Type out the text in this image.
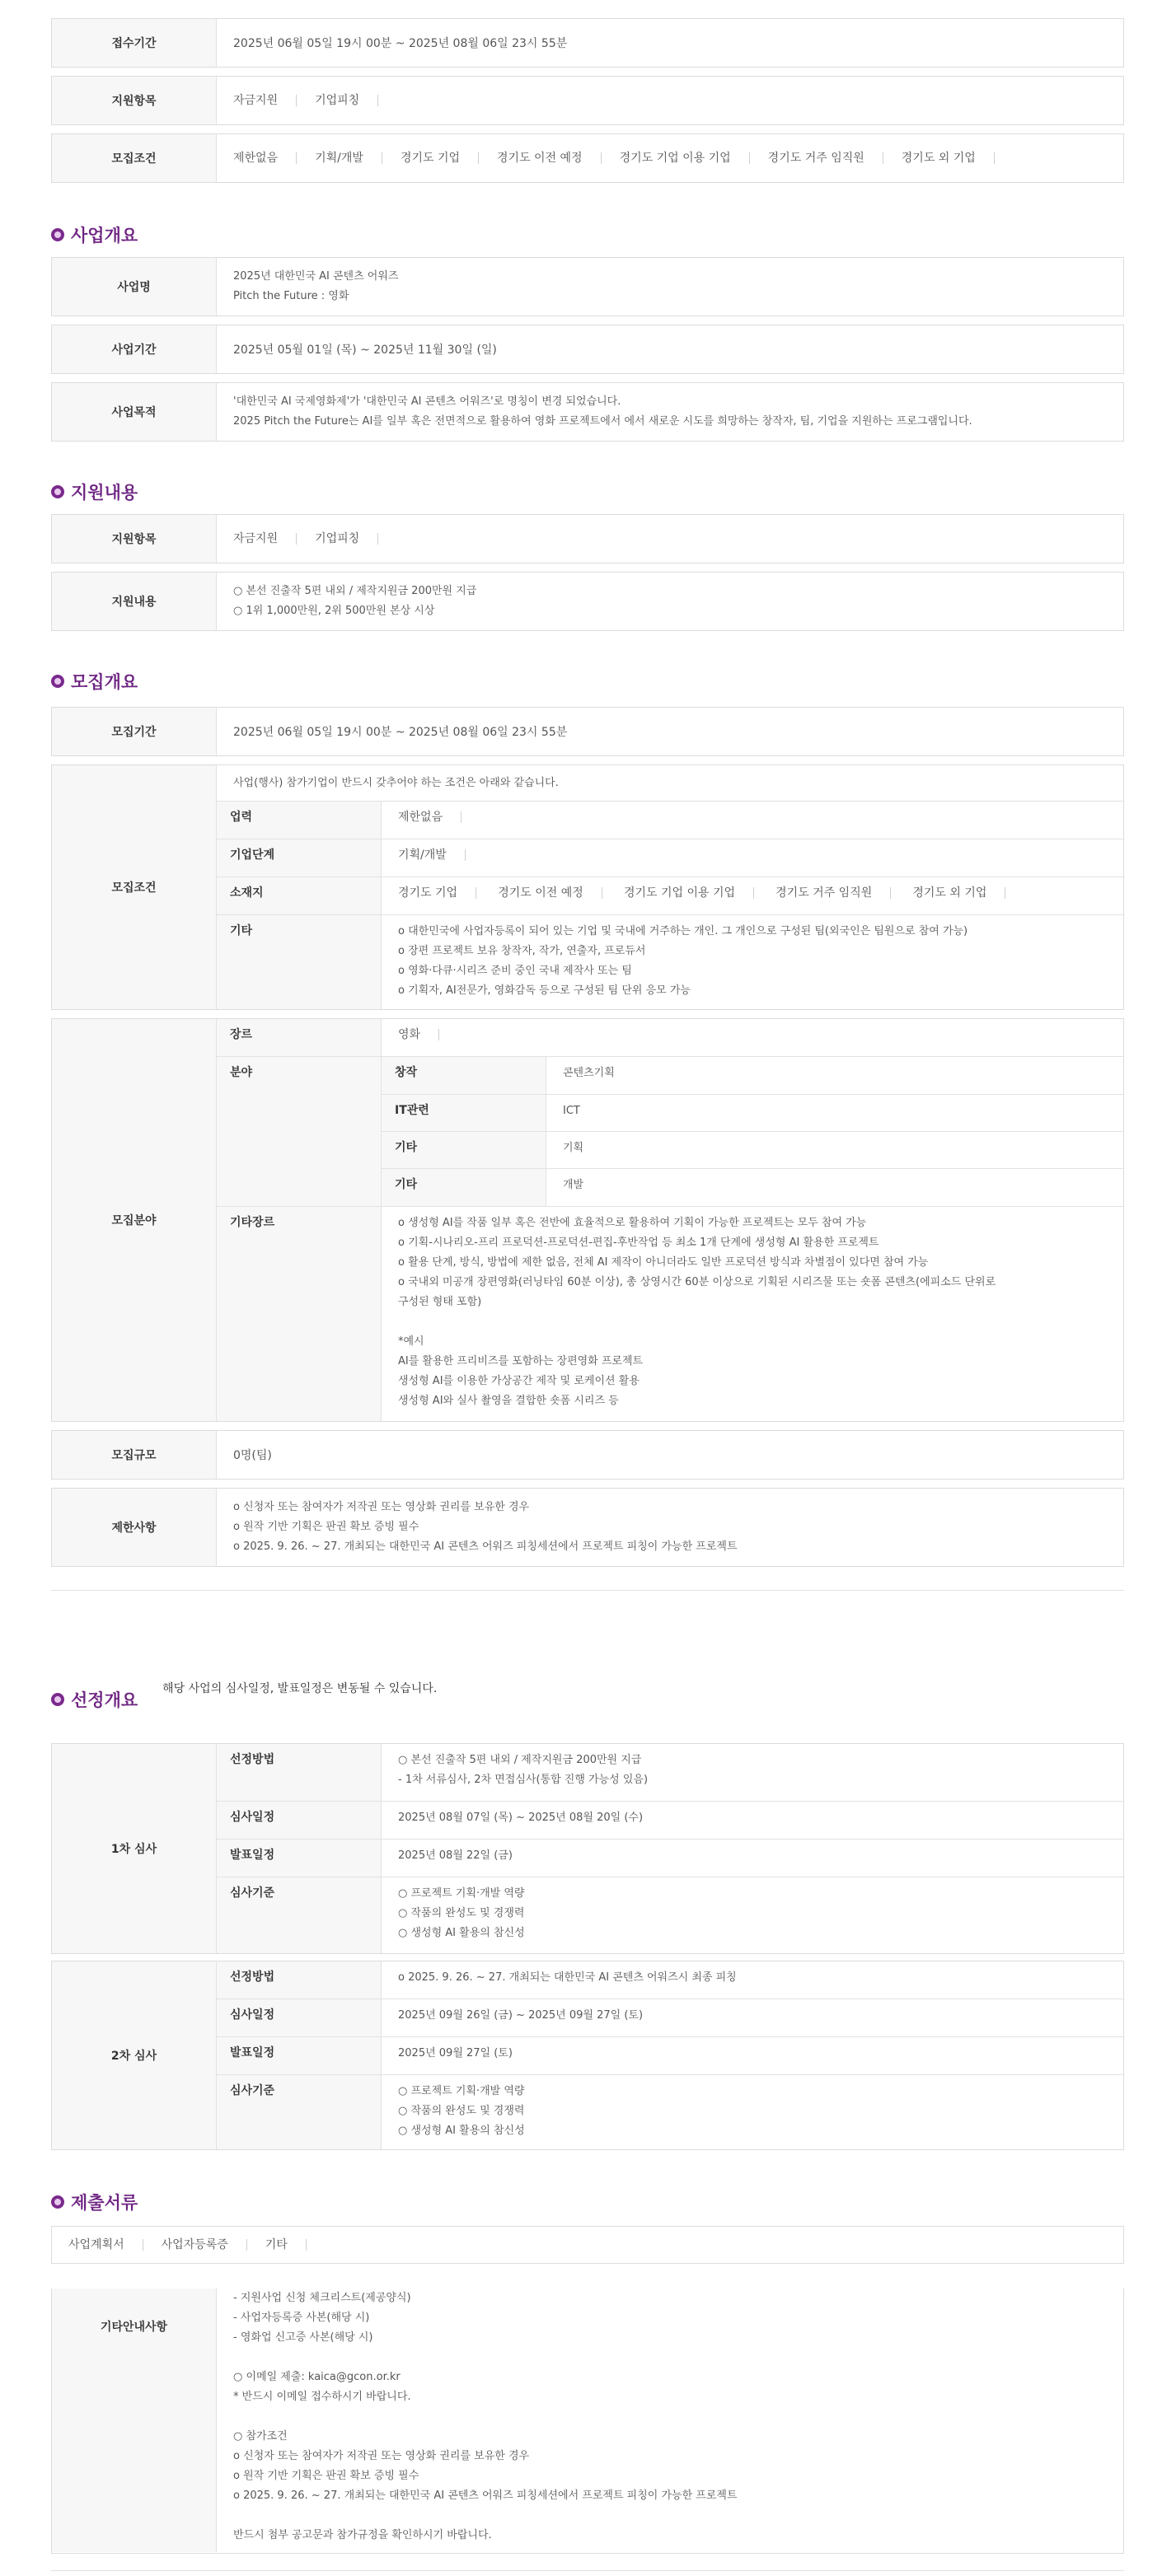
접수기간	2025년 06월 05일 19시 00분 ~ 2025년 08월 06일 23시 55분
지원항목	자금지원	기업피칭
모집조건	제한없음	기획/개발	경기도 기업	경기도 이전 예정	경기도 기업 이용 기업	경기도 거주 임직원	경기도 외 기업
사업개요
사업명
2025년 대한민국 AI 콘텐츠 어워즈
Pitch the Future : 영화
사업기간	2025년 05월 01일 (목) ~ 2025년 11월 30일 (일)
사업목적
'대한민국 AI 국제영화제'가 '대한민국 AI 콘텐츠 어워즈'로 명칭이 변경 되었습니다.
2025 Pitch the Future는 AI를 일부 혹은 전면적으로 활용하여 영화 프로젝트에서 에서 새로운 시도를 희망하는 창작자, 팀, 기업을 지원하는 프로그램입니다.
지원내용
지원항목	자금지원	기업피칭
지원내용
○ 본선 진출작 5편 내외 / 제작지원금 200만원 지급
○ 1위 1,000만원, 2위 500만원 본상 시상
모집개요
모집기간	2025년 06월 05일 19시 00분 ~ 2025년 08월 06일 23시 55분
모집조건
사업(행사) 참가기업이 반드시 갖추어야 하는 조건은 아래와 같습니다.
업력	제한없음
기업단계	기획/개발
소재지	경기도 기업	경기도 이전 예정	경기도 기업 이용 기업	경기도 거주 임직원	경기도 외 기업
기타	o 대한민국에 사업자등록이 되어 있는 기업 및 국내에 거주하는 개인. 그 개인으로 구성된 팀(외국인은 팀원으로 참여 가능)
o 장편 프로젝트 보유 창작자, 작가, 연출자, 프로듀서
o 영화·다큐·시리즈 준비 중인 국내 제작사 또는 팀
o 기획자, AI전문가, 영화감독 등으로 구성된 팀 단위 응모 가능
모집분야
장르	영화
분야	창작	콘텐츠기획
IT관련	ICT
기타	기획
기타	개발
기타장르	o 생성형 AI를 작품 일부 혹은 전반에 효율적으로 활용하여 기획이 가능한 프로젝트는 모두 참여 가능
o 기획-시나리오-프리 프로덕션-프로덕션-편집-후반작업 등 최소 1개 단계에 생성형 AI 활용한 프로젝트
o 활용 단계, 방식, 방법에 제한 없음, 전체 AI 제작이 아니더라도 일반 프로덕션 방식과 차별점이 있다면 참여 가능
o 국내외 미공개 장편영화(러닝타임 60분 이상), 총 상영시간 60분 이상으로 기획된 시리즈물 또는 숏폼 콘텐츠(에피소드 단위로
구성된 형태 포함)
*예시
AI를 활용한 프리비즈를 포함하는 장편영화 프로젝트
생성형 AI를 이용한 가상공간 제작 및 로케이션 활용
생성형 AI와 실사 촬영을 결합한 숏폼 시리즈 등
모집규모	0명(팀)
제한사항
o 신청자 또는 참여자가 저작권 또는 영상화 권리를 보유한 경우
o 원작 기반 기획은 판권 확보 증빙 필수
o 2025. 9. 26. ~ 27. 개최되는 대한민국 AI 콘텐츠 어워즈 피칭세션에서 프로젝트 피칭이 가능한 프로젝트
선정개요
해당 사업의 심사일정, 발표일정은 변동될 수 있습니다.
1차 심사
선정방법	○ 본선 진출작 5편 내외 / 제작지원금 200만원 지급
- 1차 서류심사, 2차 면접심사(통합 진행 가능성 있음)
심사일정	2025년 08월 07일 (목) ~ 2025년 08월 20일 (수)
발표일정	2025년 08월 22일 (금)
심사기준	○ 프로젝트 기획·개발 역량
○ 작품의 완성도 및 경쟁력
○ 생성형 AI 활용의 참신성
2차 심사
선정방법	o 2025. 9. 26. ~ 27. 개최되는 대한민국 AI 콘텐츠 어워즈시 최종 피칭
심사일정	2025년 09월 26일 (금) ~ 2025년 09월 27일 (토)
발표일정	2025년 09월 27일 (토)
심사기준	○ 프로젝트 기획·개발 역량
○ 작품의 완성도 및 경쟁력
○ 생성형 AI 활용의 참신성
제출서류
사업계획서	사업자등록증	기타
기타안내사항
- 지원사업 신청 체크리스트(제공양식)
- 사업자등록증 사본(해당 시)
- 영화업 신고증 사본(해당 시)
○ 이메일 제출: kaica@gcon.or.kr
* 반드시 이메일 접수하시기 바랍니다.
○ 참가조건
o 신청자 또는 참여자가 저작권 또는 영상화 권리를 보유한 경우
o 원작 기반 기획은 판권 확보 증빙 필수
o 2025. 9. 26. ~ 27. 개최되는 대한민국 AI 콘텐츠 어워즈 피칭세션에서 프로젝트 피칭이 가능한 프로젝트
반드시 첨부 공고문과 참가규정을 확인하시기 바랍니다.
